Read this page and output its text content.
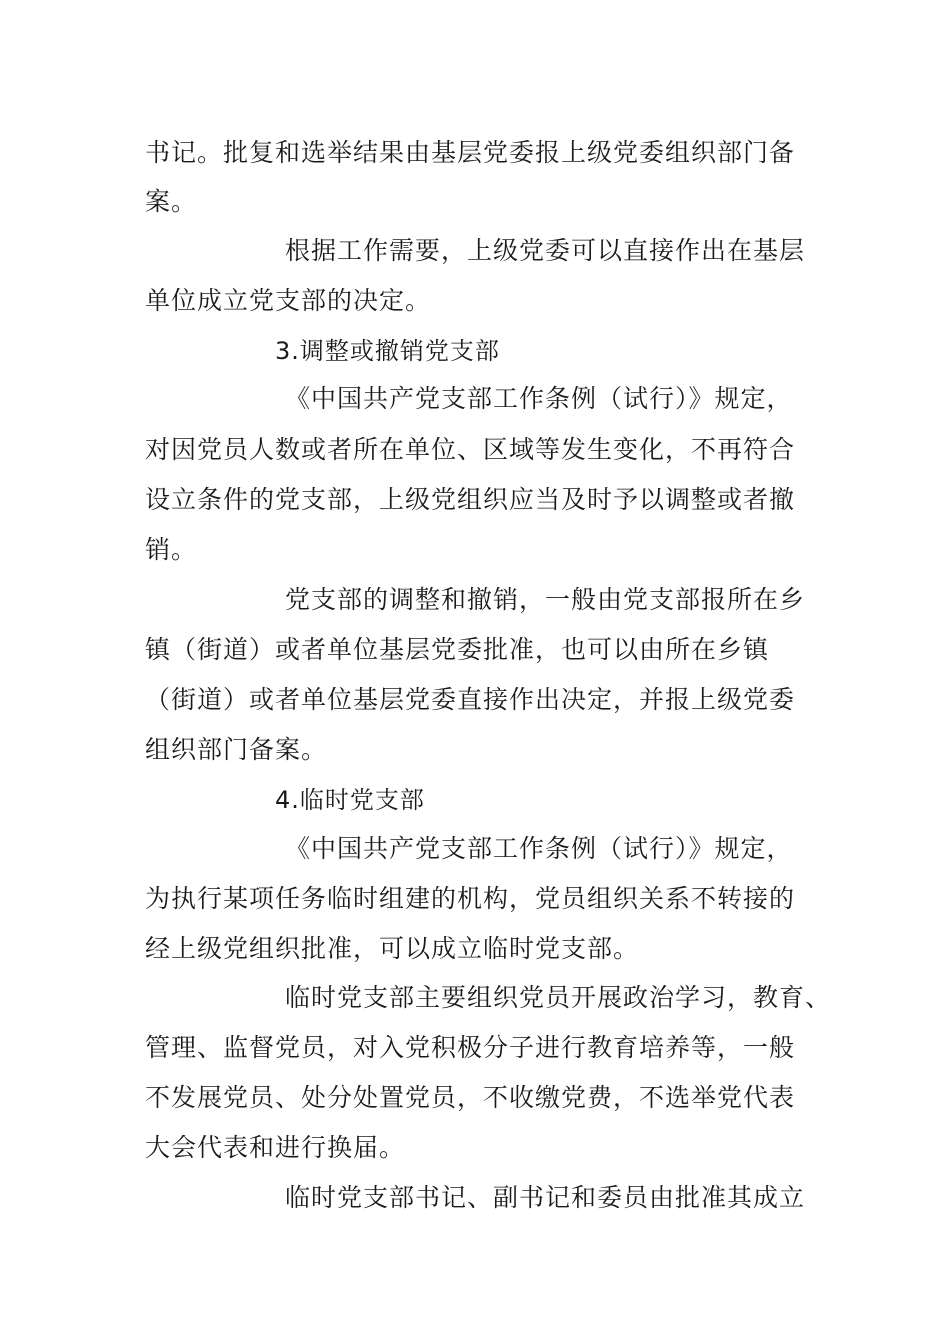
书记。批复和选举结果由基层党委报上级党委组织部门备
案。
根据工作需要，上级党委可以直接作出在基层
单位成立党支部的决定。
3.调整或撤销党支部
《中国共产党支部工作条例（试行）》规定，
对因党员人数或者所在单位、区域等发生变化，不再符合
设立条件的党支部，上级党组织应当及时予以调整或者撤
销。
党支部的调整和撤销，一般由党支部报所在乡
镇（街道）或者单位基层党委批准，也可以由所在乡镇
（街道）或者单位基层党委直接作出决定，并报上级党委
组织部门备案。
4.临时党支部
《中国共产党支部工作条例（试行）》规定，
为执行某项任务临时组建的机构，党员组织关系不转接的
经上级党组织批准，可以成立临时党支部。
临时党支部主要组织党员开展政治学习，教育、
管理、监督党员，对入党积极分子进行教育培养等，一般
不发展党员、处分处置党员，不收缴党费，不选举党代表
大会代表和进行换届。
临时党支部书记、副书记和委员由批准其成立
